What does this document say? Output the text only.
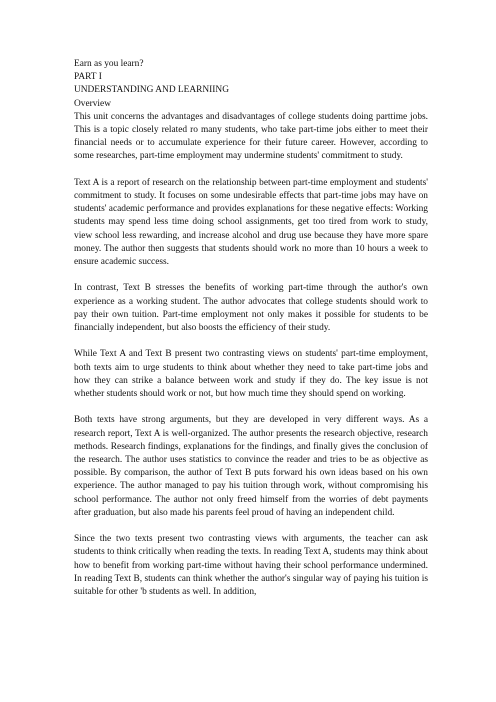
Earn as you learn?

PART I

UNDERSTANDING AND LEARNIING

Overview

This unit concerns the advantages and disadvantages of college students doing parttime jobs. This is a topic closely related ro many students, who take part-time jobs either to meet their financial needs or to accumulate experience for their future career. However, according to some researches, part-time employment may undermine students' commitment to study.

Text A is a report of research on the relationship between part-time employment and students' commitment to study. It focuses on some undesirable effects that part-time jobs may have on students' academic performance and provides explanations for these negative effects: Working students may spend less time doing school assignments, get too tired from work to study, view school less rewarding, and increase alcohol and drug use because they have more spare money. The author then suggests that students should work no more than 10 hours a week to ensure academic success.

In contrast, Text B stresses the benefits of working part-time through the author's own experience as a working student. The author advocates that college students should work to pay their own tuition. Part-time employment not only makes it possible for students to be financially independent, but also boosts the efficiency of their study.

While Text A and Text B present two contrasting views on students' part-time employment, both texts aim to urge students to think about whether they need to take part-time jobs and how they can strike a balance between work and study if they do. The key issue is not whether students should work or not, but how much time they should spend on working.

Both texts have strong arguments, but they are developed in very different ways. As a research report, Text A is well-organized. The author presents the research objective, research methods. Research findings, explanations for the findings, and finally gives the conclusion of the research. The author uses statistics to convince the reader and tries to be as objective as possible. By comparison, the author of Text B puts forward his own ideas based on his own experience. The author managed to pay his tuition through work, without compromising his school performance. The author not only freed himself from the worries of debt payments after graduation, but also made his parents feel proud of having an independent child.

Since the two texts present two contrasting views with arguments, the teacher can ask students to think critically when reading the texts. In reading Text A, students may think about how to benefit from working part-time without having their school performance undermined. In reading Text B, students can think whether the author's singular way of paying his tuition is suitable for other 'b students as well. In addition,
